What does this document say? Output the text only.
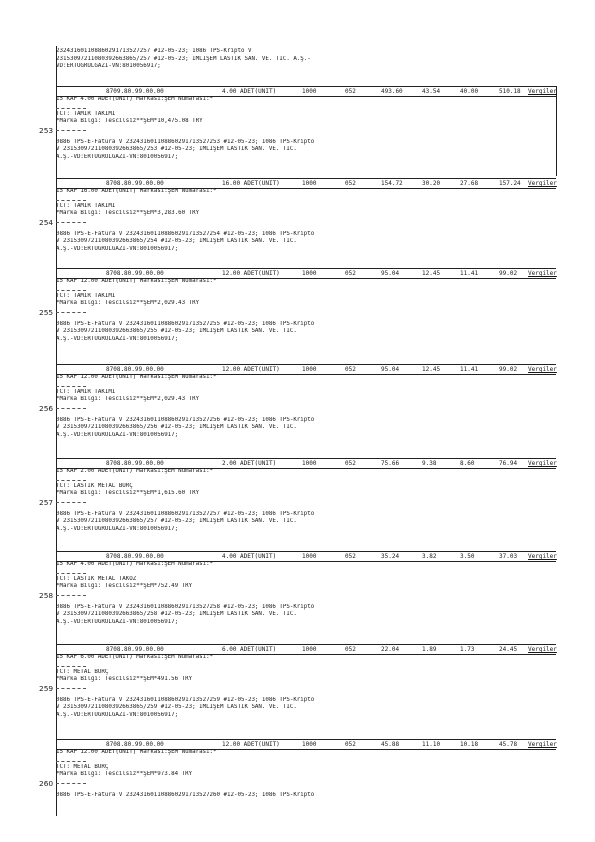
232431601108860291713527257 #12-05-23; 1086 TPS-Kripto V
23153097211080392663865/257 #12-05-23; İMLİŞEM LASTİK SAN. VE. TİC. A.Ş.-
VD:ERTUĞRULGAZİ-VN:8010056917;
8709.80.99.00.00	4.00 ADET(UNIT)	1000	052	493.60	43.54	40.00	510.18 Vergiler
253
15 KAP 4.00 ADET(UNIT) Markası:ŞEM Numarası:*
TCT: TAMİR TAKIMI
*Marka Bilgi: Tescilsiz**ŞEM*10,475.08 TRY
0886 TPS-E-Fatura V 232431601108860291713527253 #12-05-23; 1086 TPS-Kripto
V 23153097211080392663865/253 #12-05-23; İMLİŞEM LASTİK SAN. VE. TİC.
A.Ş.-VD:ERTUĞRULGAZİ-VN:8010056917;
8708.80.99.00.00	16.00 ADET(UNIT)	1000	052	154.72	30.20	27.68	157.24 Vergiler
254
15 KAP 16.00 ADET(UNIT) Markası:ŞEM Numarası:*
TCT: TAMİR TAKIMI
*Marka Bilgi: Tescilsiz**ŞEM*3,283.60 TRY
0886 TPS-E-Fatura V 232431601108860291713527254 #12-05-23; 1086 TPS-Kripto
V 23153097211080392663865/254 #12-05-23; İMLİŞEM LASTİK SAN. VE. TİC.
A.Ş.-VD:ERTUĞRULGAZİ-VN:8010056917;
8708.80.99.00.00	12.00 ADET(UNIT)	1000	052	95.04	12.45	11.41	99.02 Vergiler
255
15 KAP 12.00 ADET(UNIT) Markası:ŞEM Numarası:*
TCT: TAMİR TAKIMI
*Marka Bilgi: Tescilsiz**ŞEM*2,029.43 TRY
0886 TPS-E-Fatura V 232431601108860291713527255 #12-05-23; 1086 TPS-Kripto
V 23153097211080392663865/255 #12-05-23; İMLİŞEM LASTİK SAN. VE. TİC.
A.Ş.-VD:ERTUĞRULGAZİ-VN:8010056917;
8708.80.99.00.00	12.00 ADET(UNIT)	1000	052	95.04	12.45	11.41	99.02 Vergiler
256
15 KAP 12.00 ADET(UNIT) Markası:ŞEM Numarası:*
TCT: TAMİR TAKIMI
*Marka Bilgi: Tescilsiz**ŞEM*2,029.43 TRY
0886 TPS-E-Fatura V 232431601108860291713527256 #12-05-23; 1086 TPS-Kripto
V 23153097211080392663865/256 #12-05-23; İMLİŞEM LASTİK SAN. VE. TİC.
A.Ş.-VD:ERTUĞRULGAZİ-VN:8010056917;
8708.80.99.00.00	2.00 ADET(UNIT)	1000	052	75.66	9.38	8.60	76.94 Vergiler
257
15 KAP 2.00 ADET(UNIT) Markası:ŞEM Numarası:*
TCT: LASTİK METAL BURÇ
*Marka Bilgi: Tescilsiz**ŞEM*1,615.60 TRY
0886 TPS-E-Fatura V 232431601108860291713527257 #12-05-23; 1086 TPS-Kripto
V 23153097211080392663865/257 #12-05-23; İMLİŞEM LASTİK SAN. VE. TİC.
A.Ş.-VD:ERTUĞRULGAZİ-VN:8010056917;
8708.80.99.00.00	4.00 ADET(UNIT)	1000	052	35.24	3.82	3.50	37.03 Vergiler
258
15 KAP 4.00 ADET(UNIT) Markası:ŞEM Numarası:*
TCT: LASTİK METAL TAKOZ
*Marka Bilgi: Tescilsiz**ŞEM*752.49 TRY
0886 TPS-E-Fatura V 232431601108860291713527258 #12-05-23; 1086 TPS-Kripto
V 23153097211080392663865/258 #12-05-23; İMLİŞEM LASTİK SAN. VE. TİC.
A.Ş.-VD:ERTUĞRULGAZİ-VN:8010056917;
8708.80.99.00.00	6.00 ADET(UNIT)	1000	052	22.04	1.89	1.73	24.45 Vergiler
259
15 KAP 6.00 ADET(UNIT) Markası:ŞEM Numarası:*
TCT: METAL BURÇ
*Marka Bilgi: Tescilsiz**ŞEM*491.56 TRY
0886 TPS-E-Fatura V 232431601108860291713527259 #12-05-23; 1086 TPS-Kripto
V 23153097211080392663865/259 #12-05-23; İMLİŞEM LASTİK SAN. VE. TİC.
A.Ş.-VD:ERTUĞRULGAZİ-VN:8010056917;
8708.80.99.00.00	12.00 ADET(UNIT)	1000	052	45.88	11.10	10.18	45.78 Vergiler
260
15 KAP 12.00 ADET(UNIT) Markası:ŞEM Numarası:*
TCT: METAL BURÇ
*Marka Bilgi: Tescilsiz**ŞEM*973.84 TRY
0886 TPS-E-Fatura V 232431601108860291713527260 #12-05-23; 1086 TPS-Kripto
